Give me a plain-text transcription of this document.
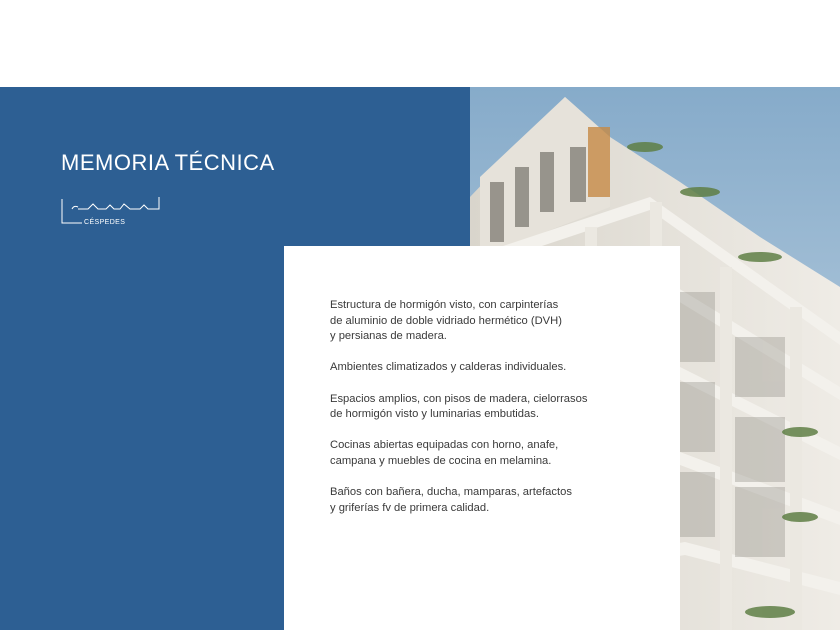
MEMORIA TÉCNICA
CÉSPEDES

Estructura de hormigón visto, con carpinterías
de aluminio de doble vidriado hermético (DVH)
y persianas de madera.

Ambientes climatizados y calderas individuales.

Espacios amplios, con pisos de madera, cielorrasos
de hormigón visto y luminarias embutidas.

Cocinas abiertas equipadas con horno, anafe,
campana y muebles de cocina en melamina.

Baños con bañera, ducha, mamparas, artefactos
y griferías fv de primera calidad.
